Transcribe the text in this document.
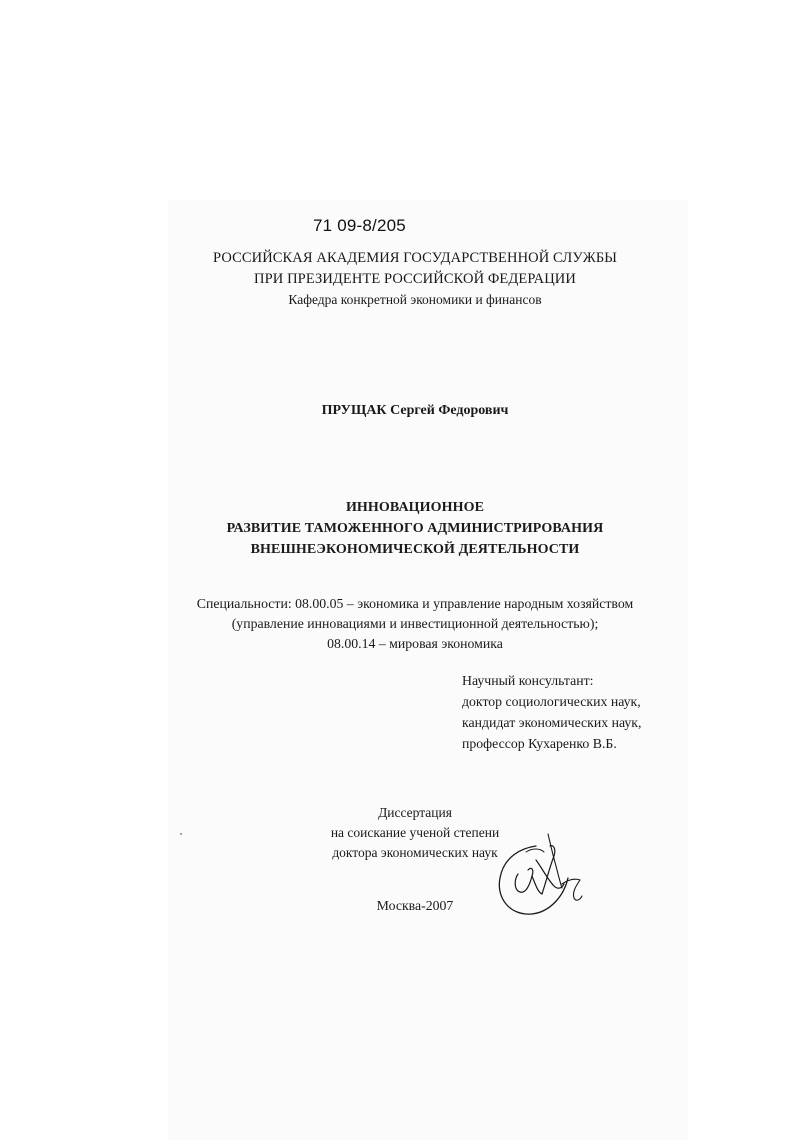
71 09-8/205
РОССИЙСКАЯ АКАДЕМИЯ ГОСУДАРСТВЕННОЙ СЛУЖБЫ
ПРИ ПРЕЗИДЕНТЕ РОССИЙСКОЙ ФЕДЕРАЦИИ
Кафедра конкретной экономики и финансов
ПРУЩАК Сергей Федорович
ИННОВАЦИОННОЕ
РАЗВИТИЕ ТАМОЖЕННОГО АДМИНИСТРИРОВАНИЯ
ВНЕШНЕЭКОНОМИЧЕСКОЙ ДЕЯТЕЛЬНОСТИ
Специальности: 08.00.05 – экономика и управление народным хозяйством
(управление инновациями и инвестиционной деятельностью);
08.00.14 – мировая экономика
Научный консультант:
доктор социологических наук,
кандидат экономических наук,
профессор Кухаренко В.Б.
Диссертация
на соискание ученой степени
доктора экономических наук
Москва-2007
